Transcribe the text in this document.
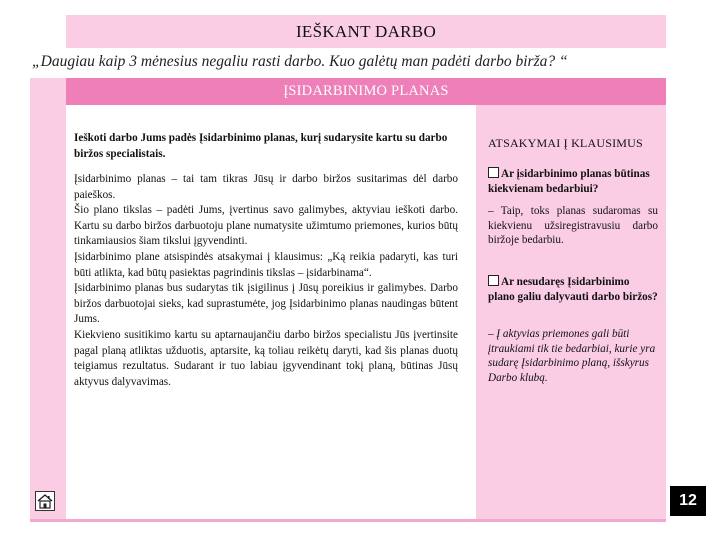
IEŠKANT DARBO
„Daugiau kaip 3 mėnesius negaliu rasti darbo. Kuo galėtų man padėti darbo birža? “
ĮSIDARBINIMO PLANAS
Ieškoti darbo Jums padės Įsidarbinimo planas, kurį sudarysite kartu su darbo biržos specialistais.

Įsidarbinimo planas – tai tam tikras Jūsų ir darbo biržos susitarimas dėl darbo paieškos.

Šio plano tikslas – padėti Jums, įvertinus savo galimybes, aktyviau ieškoti darbo. Kartu su darbo biržos darbuotoju plane numatysite užimtumo priemones, kurios būtų tinkamiausios šiam tikslui įgyvendinti.

Įsidarbinimo plane atsispindės atsakymai į klausimus: „Ką reikia padaryti, kas turi būti atlikta, kad būtų pasiektas pagrindinis tikslas – įsidarbinama“.

Įsidarbinimo planas bus sudarytas tik įsigilinus į Jūsų poreikius ir galimybes. Darbo biržos darbuotojai sieks, kad suprastumėte, jog Įsidarbinimo planas naudingas būtent Jums.

Kiekvieno susitikimo kartu su aptarnaujančiu darbo biržos specialistu Jūs įvertinsite pagal planą atliktas užduotis, aptarsite, ką toliau reikėtų daryti, kad šis planas duotų teigiamus rezultatus. Sudarant ir tuo labiau įgyvendinant tokį planą, būtinas Jūsų aktyvus dalyvavimas.

ATSAKYMAI Į KLAUSIMUS
Ar įsidarbinimo planas būtinas kiekvienam bedarbiui?
– Taip, toks planas sudaromas su kiekvienu užsiregistravusiu darbo biržoje bedarbiu.
Ar nesudaręs Įsidarbinimo plano galiu dalyvauti darbo biržos?
– Į aktyvias priemones gali būti įtraukiami tik tie bedarbiai, kurie yra sudarę Įsidarbinimo planą, išskyrus Darbo klubą.
12
